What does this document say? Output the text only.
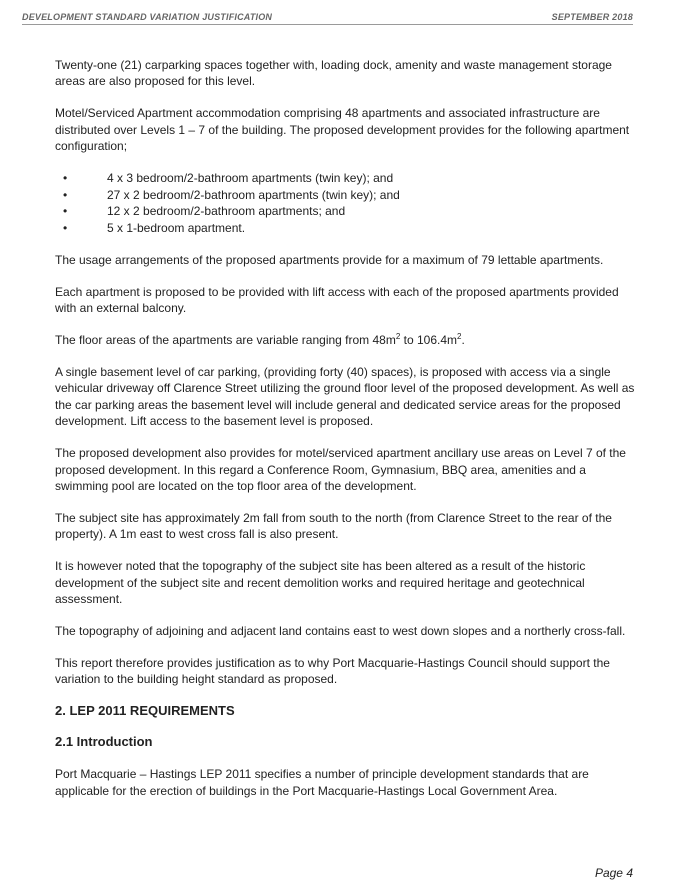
DEVELOPMENT STANDARD VARIATION JUSTIFICATION	SEPTEMBER 2018

Twenty-one (21) carparking spaces together with, loading dock, amenity and waste management storage areas are also proposed for this level.

Motel/Serviced Apartment accommodation comprising 48 apartments and associated infrastructure are distributed over Levels 1 – 7 of the building. The proposed development provides for the following apartment configuration;

•	4 x 3 bedroom/2-bathroom apartments (twin key); and
•	27 x 2 bedroom/2-bathroom apartments (twin key); and
•	12 x 2 bedroom/2-bathroom apartments; and
•	5 x 1-bedroom apartment.

The usage arrangements of the proposed apartments provide for a maximum of 79 lettable apartments.

Each apartment is proposed to be provided with lift access with each of the proposed apartments provided with an external balcony.

The floor areas of the apartments are variable ranging from $48m^2$ to $106.4m^2$.

A single basement level of car parking, (providing forty (40) spaces), is proposed with access via a single vehicular driveway off Clarence Street utilizing the ground floor level of the proposed development. As well as the car parking areas the basement level will include general and dedicated service areas for the proposed development. Lift access to the basement level is proposed.

The proposed development also provides for motel/serviced apartment ancillary use areas on Level 7 of the proposed development. In this regard a Conference Room, Gymnasium, BBQ area, amenities and a swimming pool are located on the top floor area of the development.

The subject site has approximately 2m fall from south to the north (from Clarence Street to the rear of the property). A 1m east to west cross fall is also present.

It is however noted that the topography of the subject site has been altered as a result of the historic development of the subject site and recent demolition works and required heritage and geotechnical assessment.

The topography of adjoining and adjacent land contains east to west down slopes and a northerly cross-fall.

This report therefore provides justification as to why Port Macquarie-Hastings Council should support the variation to the building height standard as proposed.

2. LEP 2011 REQUIREMENTS
2.1 Introduction

Port Macquarie – Hastings LEP 2011 specifies a number of principle development standards that are applicable for the erection of buildings in the Port Macquarie-Hastings Local Government Area.

Page 4
